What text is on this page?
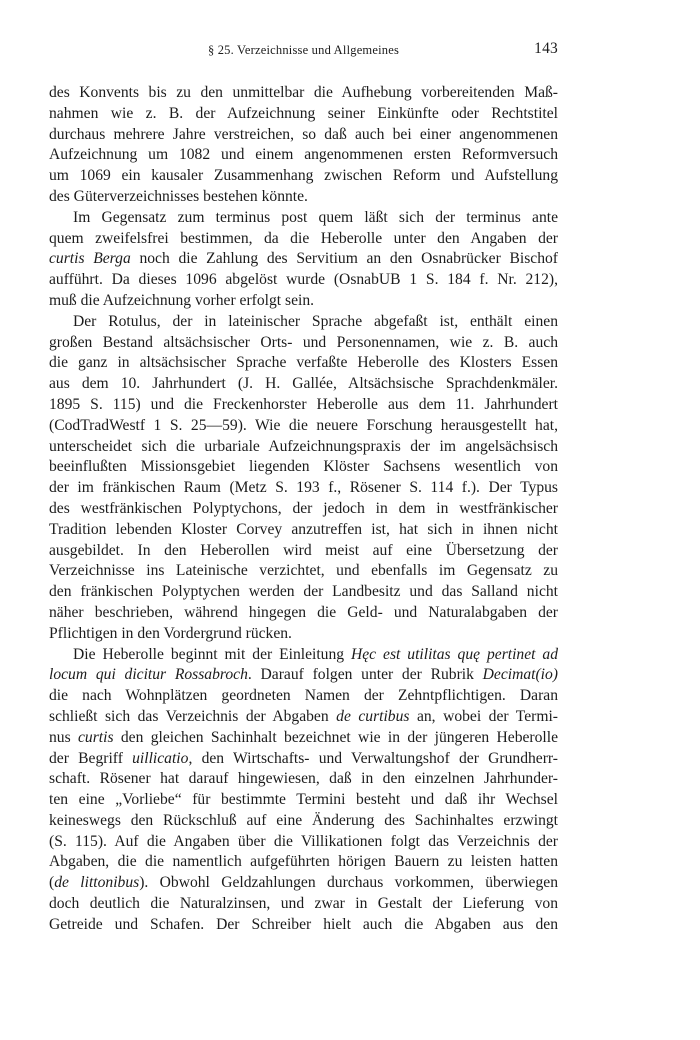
§ 25. Verzeichnisse und Allgemeines	143
des Konvents bis zu den unmittelbar die Aufhebung vorbereitenden Maß-
nahmen wie z. B. der Aufzeichnung seiner Einkünfte oder Rechtstitel
durchaus mehrere Jahre verstreichen, so daß auch bei einer angenommenen
Aufzeichnung um 1082 und einem angenommenen ersten Reformversuch
um 1069 ein kausaler Zusammenhang zwischen Reform und Aufstellung
des Güterverzeichnisses bestehen könnte.
Im Gegensatz zum terminus post quem läßt sich der terminus ante
quem zweifelsfrei bestimmen, da die Heberolle unter den Angaben der
curtis Berga noch die Zahlung des Servitium an den Osnabrücker Bischof
aufführt. Da dieses 1096 abgelöst wurde (OsnabUB 1 S. 184 f. Nr. 212),
muß die Aufzeichnung vorher erfolgt sein.
Der Rotulus, der in lateinischer Sprache abgefaßt ist, enthält einen
großen Bestand altsächsischer Orts- und Personennamen, wie z. B. auch
die ganz in altsächsischer Sprache verfaßte Heberolle des Klosters Essen
aus dem 10. Jahrhundert (J. H. Gallée, Altsächsische Sprachdenkmäler.
1895 S. 115) und die Freckenhorster Heberolle aus dem 11. Jahrhundert
(CodTradWestf 1 S. 25—59). Wie die neuere Forschung herausgestellt hat,
unterscheidet sich die urbariale Aufzeichnungspraxis der im angelsächsisch
beeinflußten Missionsgebiet liegenden Klöster Sachsens wesentlich von
der im fränkischen Raum (Metz S. 193 f., Rösener S. 114 f.). Der Typus
des westfränkischen Polyptychons, der jedoch in dem in westfränkischer
Tradition lebenden Kloster Corvey anzutreffen ist, hat sich in ihnen nicht
ausgebildet. In den Heberollen wird meist auf eine Übersetzung der
Verzeichnisse ins Lateinische verzichtet, und ebenfalls im Gegensatz zu
den fränkischen Polyptychen werden der Landbesitz und das Salland nicht
näher beschrieben, während hingegen die Geld- und Naturalabgaben der
Pflichtigen in den Vordergrund rücken.
Die Heberolle beginnt mit der Einleitung Hęc est utilitas quę pertinet ad
locum qui dicitur Rossabroch. Darauf folgen unter der Rubrik Decimat(io)
die nach Wohnplätzen geordneten Namen der Zehntpflichtigen. Daran
schließt sich das Verzeichnis der Abgaben de curtibus an, wobei der Termi-
nus curtis den gleichen Sachinhalt bezeichnet wie in der jüngeren Heberolle
der Begriff uillicatio, den Wirtschafts- und Verwaltungshof der Grundherr-
schaft. Rösener hat darauf hingewiesen, daß in den einzelnen Jahrhunder-
ten eine „Vorliebe“ für bestimmte Termini besteht und daß ihr Wechsel
keineswegs den Rückschluß auf eine Änderung des Sachinhaltes erzwingt
(S. 115). Auf die Angaben über die Villikationen folgt das Verzeichnis der
Abgaben, die die namentlich aufgeführten hörigen Bauern zu leisten hatten
(de littonibus). Obwohl Geldzahlungen durchaus vorkommen, überwiegen
doch deutlich die Naturalzinsen, und zwar in Gestalt der Lieferung von
Getreide und Schafen. Der Schreiber hielt auch die Abgaben aus den
